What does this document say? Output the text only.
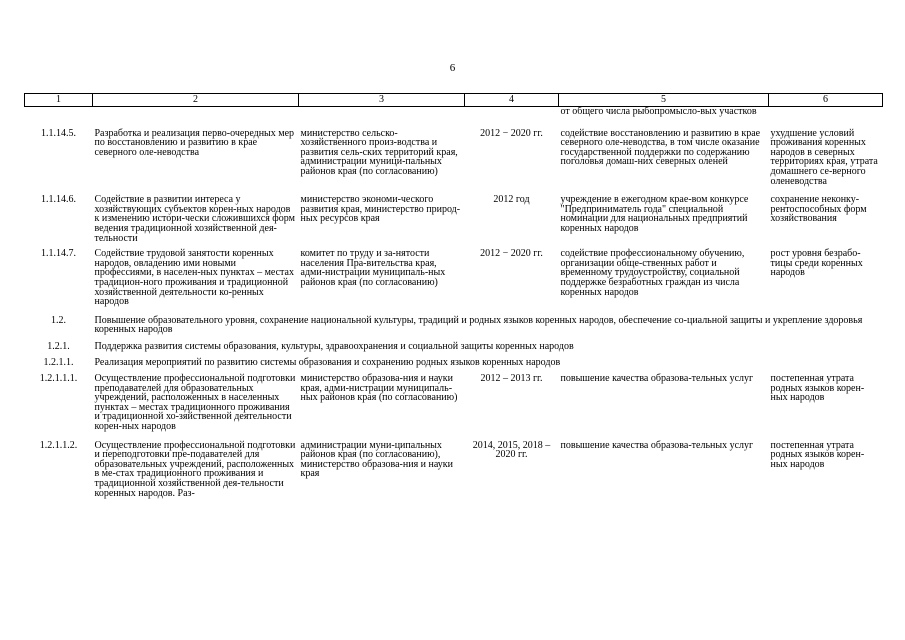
6
1	2	3	4	5	6
				от общего числа рыбопромысло-вых участков	

1.1.14.5.	Разработка и реализация перво-очередных мер по восстановлению и развитию в крае северного оле-неводства	министерство сельско-хозяйственного произ-водства и развития сель-ских территорий края, администрации муници-пальных районов края (по согласованию)	2012 − 2020 гг.	содействие восстановлению и развитию в крае северного оле-неводства, в том числе оказание государственной поддержки по содержанию поголовья домаш-них северных оленей	ухудшение условий проживания коренных народов в северных территориях края, утрата домашнего се-верного оленеводства

1.1.14.6.	Содействие в развитии интереса у хозяйствующих субъектов корен-ных народов к изменению истори-чески сложившихся форм ведения традиционной хозяйственной дея-тельности	министерство экономи-ческого развития края, министерство природ-ных ресурсов края	2012 год	учреждение в ежегодном крае-вом конкурсе "Предприниматель года" специальной номинации для национальных предприятий коренных народов	сохранение неконку-рентоспособных форм хозяйствования

1.1.14.7.	Содействие трудовой занятости коренных народов, овладению ими новыми профессиями, в населен-ных пунктах – местах традицион-ного проживания и традиционной хозяйственной деятельности ко-ренных народов	комитет по труду и за-нятости населения Пра-вительства края, адми-нистрации муниципаль-ных районов края (по согласованию)	2012 − 2020 гг.	содействие профессиональному обучению, организации обще-ственных работ и временному трудоустройству, социальной поддержке безработных граждан из числа коренных народов	рост уровня безрабо-тицы среди коренных народов

1.2.	Повышение образовательного уровня, сохранение национальной культуры, традиций и родных языков коренных народов, обеспечение со-циальной защиты и укрепление здоровья коренных народов				

1.2.1.	Поддержка развития системы образования, культуры, здравоохранения и социальной защиты коренных народов				

1.2.1.1.	Реализация мероприятий по развитию системы образования и сохранению родных языков коренных народов				

1.2.1.1.1.	Осуществление профессиональной подготовки преподавателей для образовательных учреждений, расположенных в населенных пунктах – местах традиционного проживания и традиционной хо-зяйственной деятельности корен-ных народов	министерство образова-ния и науки края, адми-нистрации муниципаль-ных районов края (по согласованию)	2012 – 2013 гг.	повышение качества образова-тельных услуг	постепенная утрата родных языков корен-ных народов

1.2.1.1.2.	Осуществление профессиональной подготовки и переподготовки пре-подавателей для образовательных учреждений, расположенных в ме-стах традиционного проживания и традиционной хозяйственной дея-тельности коренных народов. Раз-	администрации муни-ципальных районов края (по согласованию), министерство образова-ния и науки края	2014, 2015, 2018 – 2020 гг.	повышение качества образова-тельных услуг	постепенная утрата родных языков корен-ных народов
